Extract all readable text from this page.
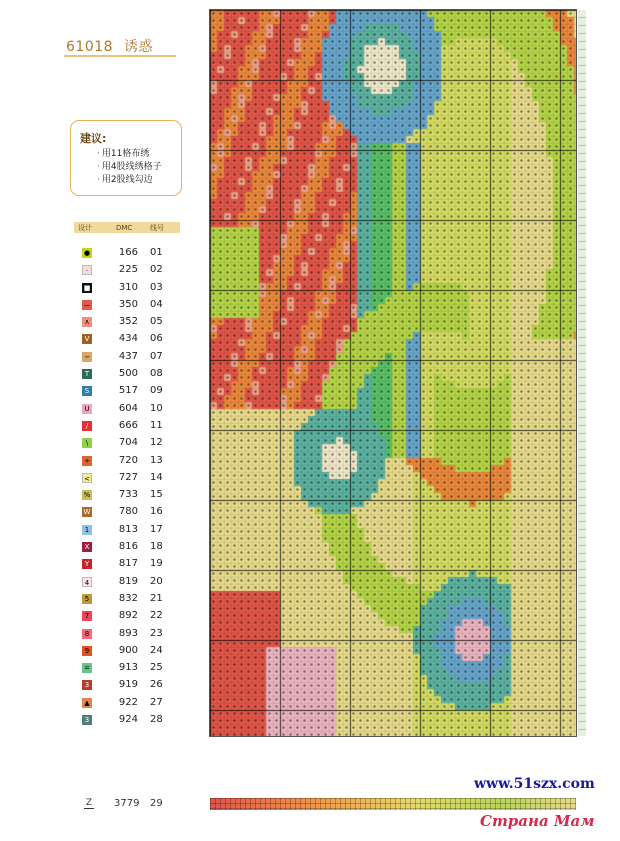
61018 诱惑
建议:
· 用11格布绣
· 用4股线绣格子
· 用2股线勾边
设计	DMC	线号
●	166 01
·	225 02
■	310 03
—	350 04
∧	352 05
V	434 06
∽	437 07
T	500 08
S	517 09
U	604 10
/	666 11
\	704 12
+	720 13
<	727 14
%	733 15
W	780 16
1	813 17
X	816 18
Y	817 19
4	819 20
5	832 21
7	892 22
8	893 23
9	900 24
=	913 25
3	919 26
▲	922 27
3	924 28
Z 3779 29
www.51szx.com
Страна Мам
